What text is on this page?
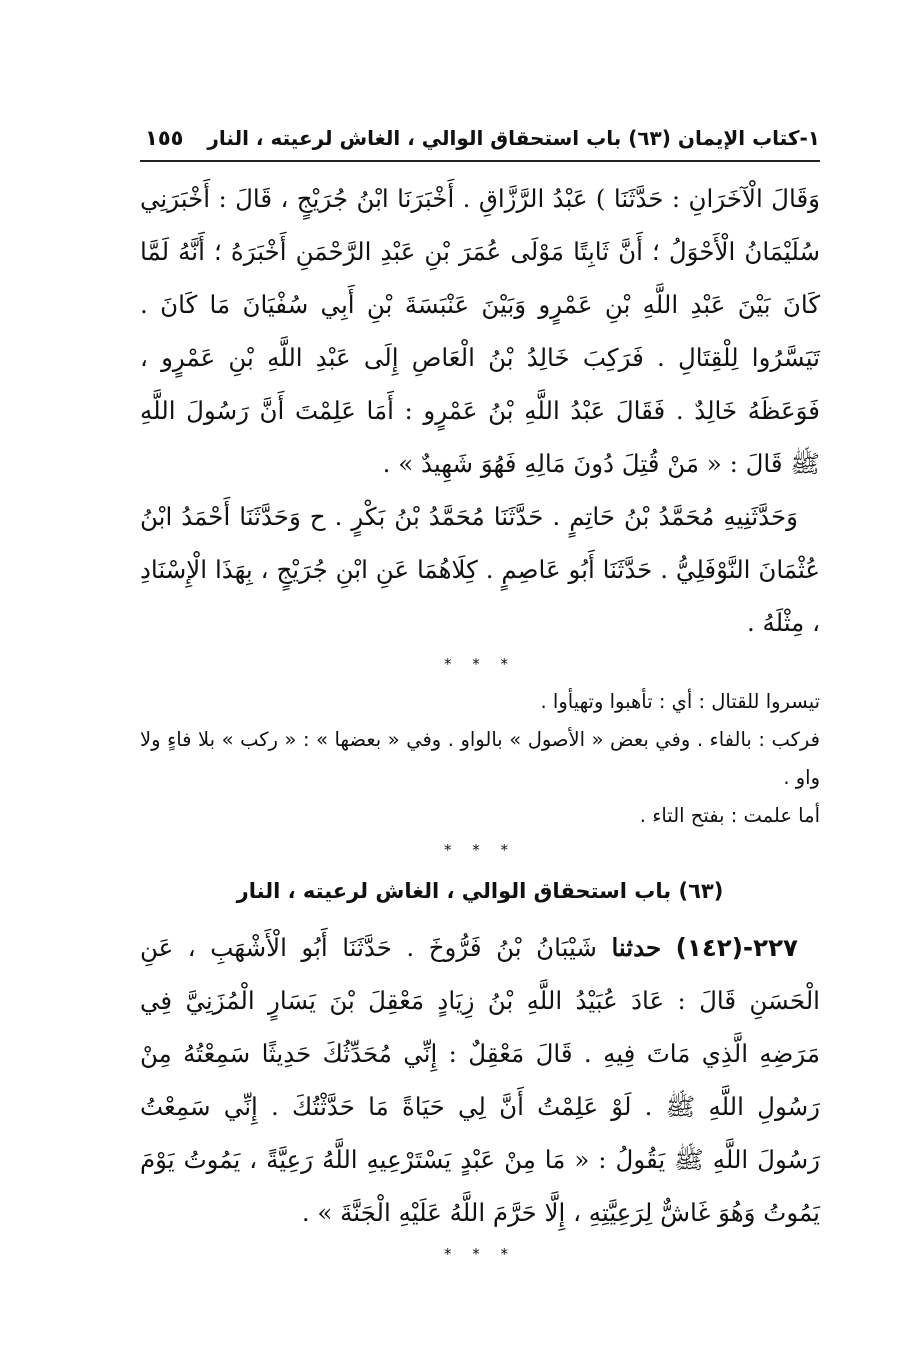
١-كتاب الإيمان (٦٣) باب استحقاق الوالي ، الغاش لرعيته ، النار
١٥٥

وَقَالَ الْآخَرَانِ : حَدَّثَنَا ) عَبْدُ الرَّزَّاقِ . أَخْبَرَنَا ابْنُ جُرَيْجٍ ، قَالَ : أَخْبَرَنِي سُلَيْمَانُ الْأَحْوَلُ ؛ أَنَّ ثَابِتًا مَوْلَى عُمَرَ بْنِ عَبْدِ الرَّحْمَنِ أَخْبَرَهُ ؛ أَنَّهُ لَمَّا كَانَ بَيْنَ عَبْدِ اللَّهِ بْنِ عَمْرٍو وَبَيْنَ عَنْبَسَةَ بْنِ أَبِي سُفْيَانَ مَا كَانَ . تَيَسَّرُوا لِلْقِتَالِ . فَرَكِبَ خَالِدُ بْنُ الْعَاصِ إِلَى عَبْدِ اللَّهِ بْنِ عَمْرٍو ، فَوَعَظَهُ خَالِدٌ . فَقَالَ عَبْدُ اللَّهِ بْنُ عَمْرٍو : أَمَا عَلِمْتَ أَنَّ رَسُولَ اللَّهِ ﷺ قَالَ : « مَنْ قُتِلَ دُونَ مَالِهِ فَهُوَ شَهِيدٌ » .

وَحَدَّثَنِيهِ مُحَمَّدُ بْنُ حَاتِمٍ . حَدَّثَنَا مُحَمَّدُ بْنُ بَكْرٍ . ح وَحَدَّثَنَا أَحْمَدُ ابْنُ عُثْمَانَ النَّوْفَلِيُّ . حَدَّثَنَا أَبُو عَاصِمٍ . كِلَاهُمَا عَنِ ابْنِ جُرَيْجٍ ، بِهَذَا الْإِسْنَادِ ، مِثْلَهُ .

* * *

تيسروا للقتال : أي : تأهبوا وتهيأوا .

فركب : بالفاء . وفي بعض « الأصول » بالواو . وفي « بعضها » : « ركب » بلا فاءٍ ولا واو .

أما علمت : بفتح التاء .

* * *
(٦٣) باب استحقاق الوالي ، الغاش لرعيته ، النار

٢٢٧-(١٤٢) حدثنا شَيْبَانُ بْنُ فَرُّوخَ . حَدَّثَنَا أَبُو الْأَشْهَبِ ، عَنِ الْحَسَنِ قَالَ : عَادَ عُبَيْدُ اللَّهِ بْنُ زِيَادٍ مَعْقِلَ بْنَ يَسَارٍ الْمُزَنِيَّ فِي مَرَضِهِ الَّذِي مَاتَ فِيهِ . قَالَ مَعْقِلٌ : إِنِّي مُحَدِّثُكَ حَدِيثًا سَمِعْتُهُ مِنْ رَسُولِ اللَّهِ ﷺ . لَوْ عَلِمْتُ أَنَّ لِي حَيَاةً مَا حَدَّثْتُكَ . إِنِّي سَمِعْتُ رَسُولَ اللَّهِ ﷺ يَقُولُ : « مَا مِنْ عَبْدٍ يَسْتَرْعِيهِ اللَّهُ رَعِيَّةً ، يَمُوتُ يَوْمَ يَمُوتُ وَهُوَ غَاشٌّ لِرَعِيَّتِهِ ، إِلَّا حَرَّمَ اللَّهُ عَلَيْهِ الْجَنَّةَ » .

* * *
